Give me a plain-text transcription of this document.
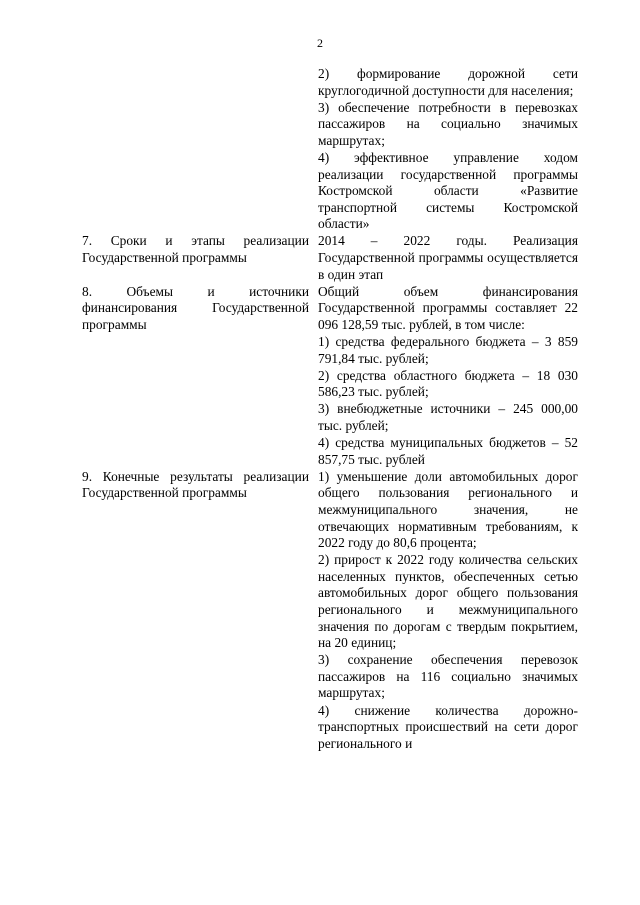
2
2) формирование дорожной сети круглогодичной доступности для населения;
3) обеспечение потребности в перевозках пассажиров на социально значимых маршрутах;
4) эффективное управление ходом реализации государственной программы Костромской области «Развитие транспортной системы Костромской области»
7. Сроки и этапы реализации Государственной программы
2014 – 2022 годы. Реализация Государственной программы осуществляется в один этап
8. Объемы и источники финансирования Государственной программы
Общий объем финансирования Государственной программы составляет 22 096 128,59 тыс. рублей, в том числе:
1) средства федерального бюджета – 3 859 791,84 тыс. рублей;
2) средства областного бюджета – 18 030 586,23 тыс. рублей;
3) внебюджетные источники – 245 000,00 тыс. рублей;
4) средства муниципальных бюджетов – 52 857,75 тыс. рублей
9. Конечные результаты реализации Государственной программы
1) уменьшение доли автомобильных дорог общего пользования регионального и межмуниципального значения, не отвечающих нормативным требованиям, к 2022 году до 80,6 процента;
2) прирост к 2022 году количества сельских населенных пунктов, обеспеченных сетью автомобильных дорог общего пользования регионального и межмуниципального значения по дорогам с твердым покрытием, на 20 единиц;
3) сохранение обеспечения перевозок пассажиров на 116 социально значимых маршрутах;
4) снижение количества дорожно-транспортных происшествий на сети дорог регионального и
